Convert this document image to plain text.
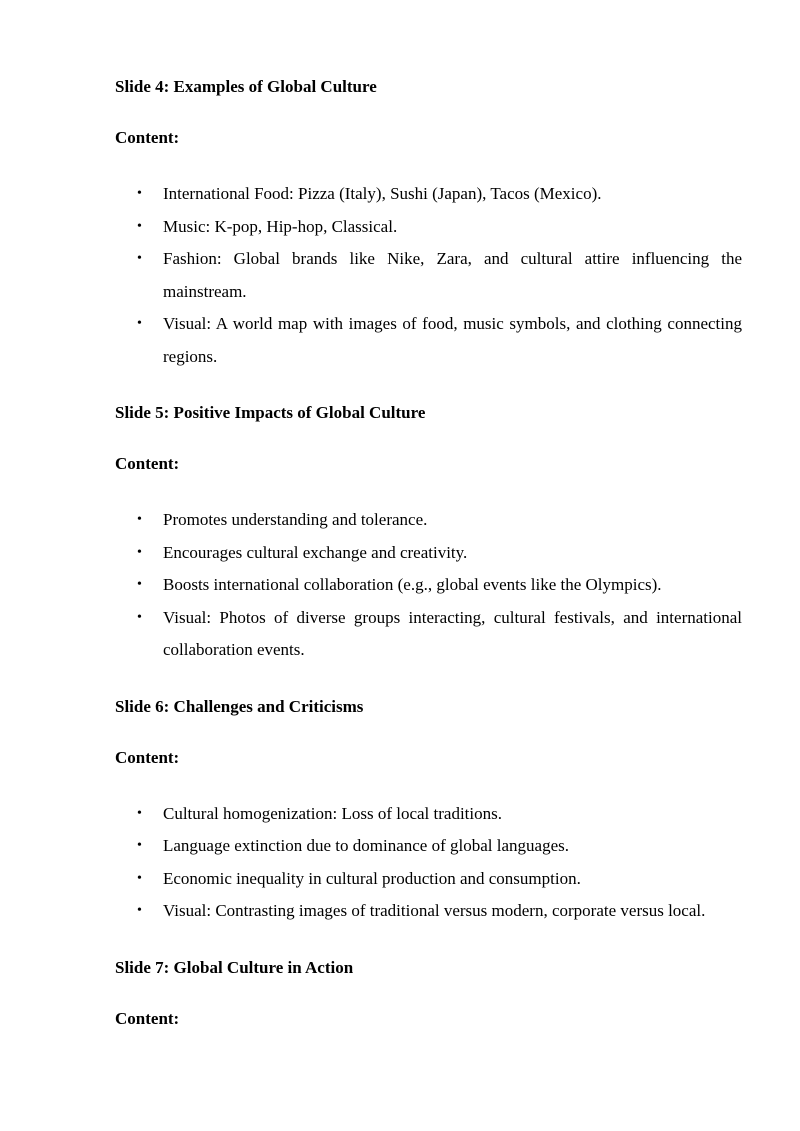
Slide 4: Examples of Global Culture

Content:

• International Food: Pizza (Italy), Sushi (Japan), Tacos (Mexico).
• Music: K-pop, Hip-hop, Classical.
• Fashion: Global brands like Nike, Zara, and cultural attire influencing the mainstream.
• Visual: A world map with images of food, music symbols, and clothing connecting regions.

Slide 5: Positive Impacts of Global Culture

Content:

• Promotes understanding and tolerance.
• Encourages cultural exchange and creativity.
• Boosts international collaboration (e.g., global events like the Olympics).
• Visual: Photos of diverse groups interacting, cultural festivals, and international collaboration events.

Slide 6: Challenges and Criticisms

Content:

• Cultural homogenization: Loss of local traditions.
• Language extinction due to dominance of global languages.
• Economic inequality in cultural production and consumption.
• Visual: Contrasting images of traditional versus modern, corporate versus local.

Slide 7: Global Culture in Action

Content:
